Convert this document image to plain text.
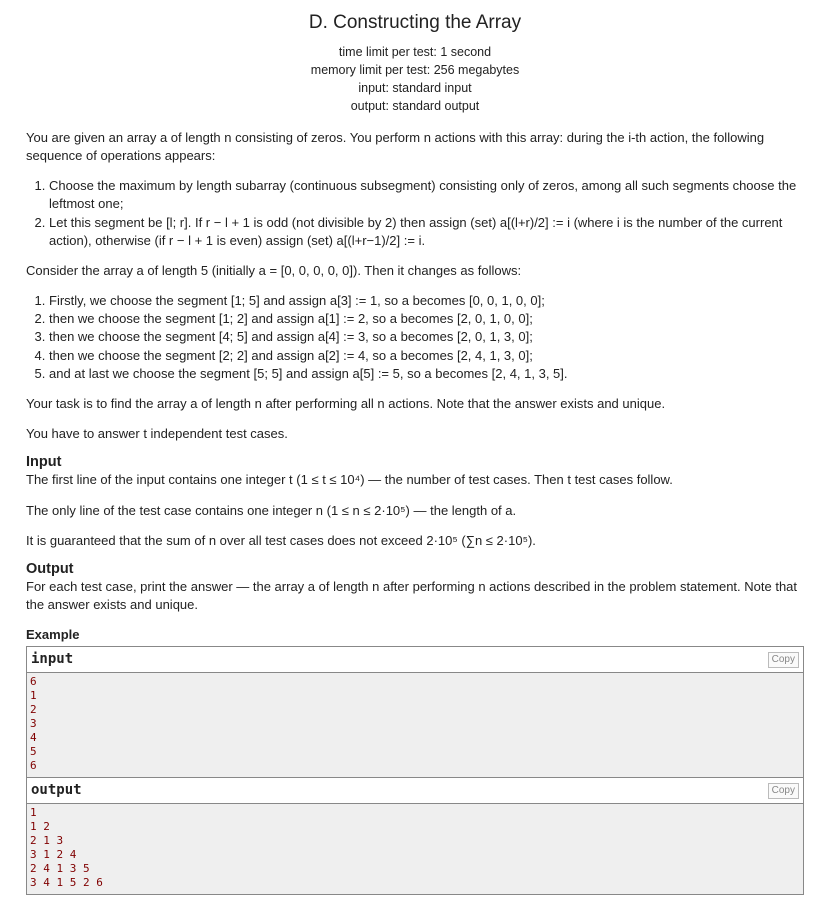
D. Constructing the Array
time limit per test: 1 second
memory limit per test: 256 megabytes
input: standard input
output: standard output

You are given an array a of length n consisting of zeros. You perform n actions with this array: during the i-th action, the following sequence of operations appears:

1. Choose the maximum by length subarray (continuous subsegment) consisting only of zeros, among all such segments choose the leftmost one;
2. Let this segment be [l; r]. If r − l + 1 is odd (not divisible by 2) then assign (set) a[(l+r)/2] := i (where i is the number of the current action), otherwise (if r − l + 1 is even) assign (set) a[(l+r−1)/2] := i.

Consider the array a of length 5 (initially a = [0, 0, 0, 0, 0]). Then it changes as follows:

1. Firstly, we choose the segment [1; 5] and assign a[3] := 1, so a becomes [0, 0, 1, 0, 0];
2. then we choose the segment [1; 2] and assign a[1] := 2, so a becomes [2, 0, 1, 0, 0];
3. then we choose the segment [4; 5] and assign a[4] := 3, so a becomes [2, 0, 1, 3, 0];
4. then we choose the segment [2; 2] and assign a[2] := 4, so a becomes [2, 4, 1, 3, 0];
5. and at last we choose the segment [5; 5] and assign a[5] := 5, so a becomes [2, 4, 1, 3, 5].

Your task is to find the array a of length n after performing all n actions. Note that the answer exists and unique.

You have to answer t independent test cases.

Input

The first line of the input contains one integer t (1 ≤ t ≤ 10⁴) — the number of test cases. Then t test cases follow.

The only line of the test case contains one integer n (1 ≤ n ≤ 2·10⁵) — the length of a.

It is guaranteed that the sum of n over all test cases does not exceed 2·10⁵ (∑n ≤ 2·10⁵).

Output

For each test case, print the answer — the array a of length n after performing n actions described in the problem statement. Note that the answer exists and unique.

Example
input	Copy
6
1
2
3
4
5
6
output	Copy
1
1 2
2 1 3
3 1 2 4
2 4 1 3 5
3 4 1 5 2 6
